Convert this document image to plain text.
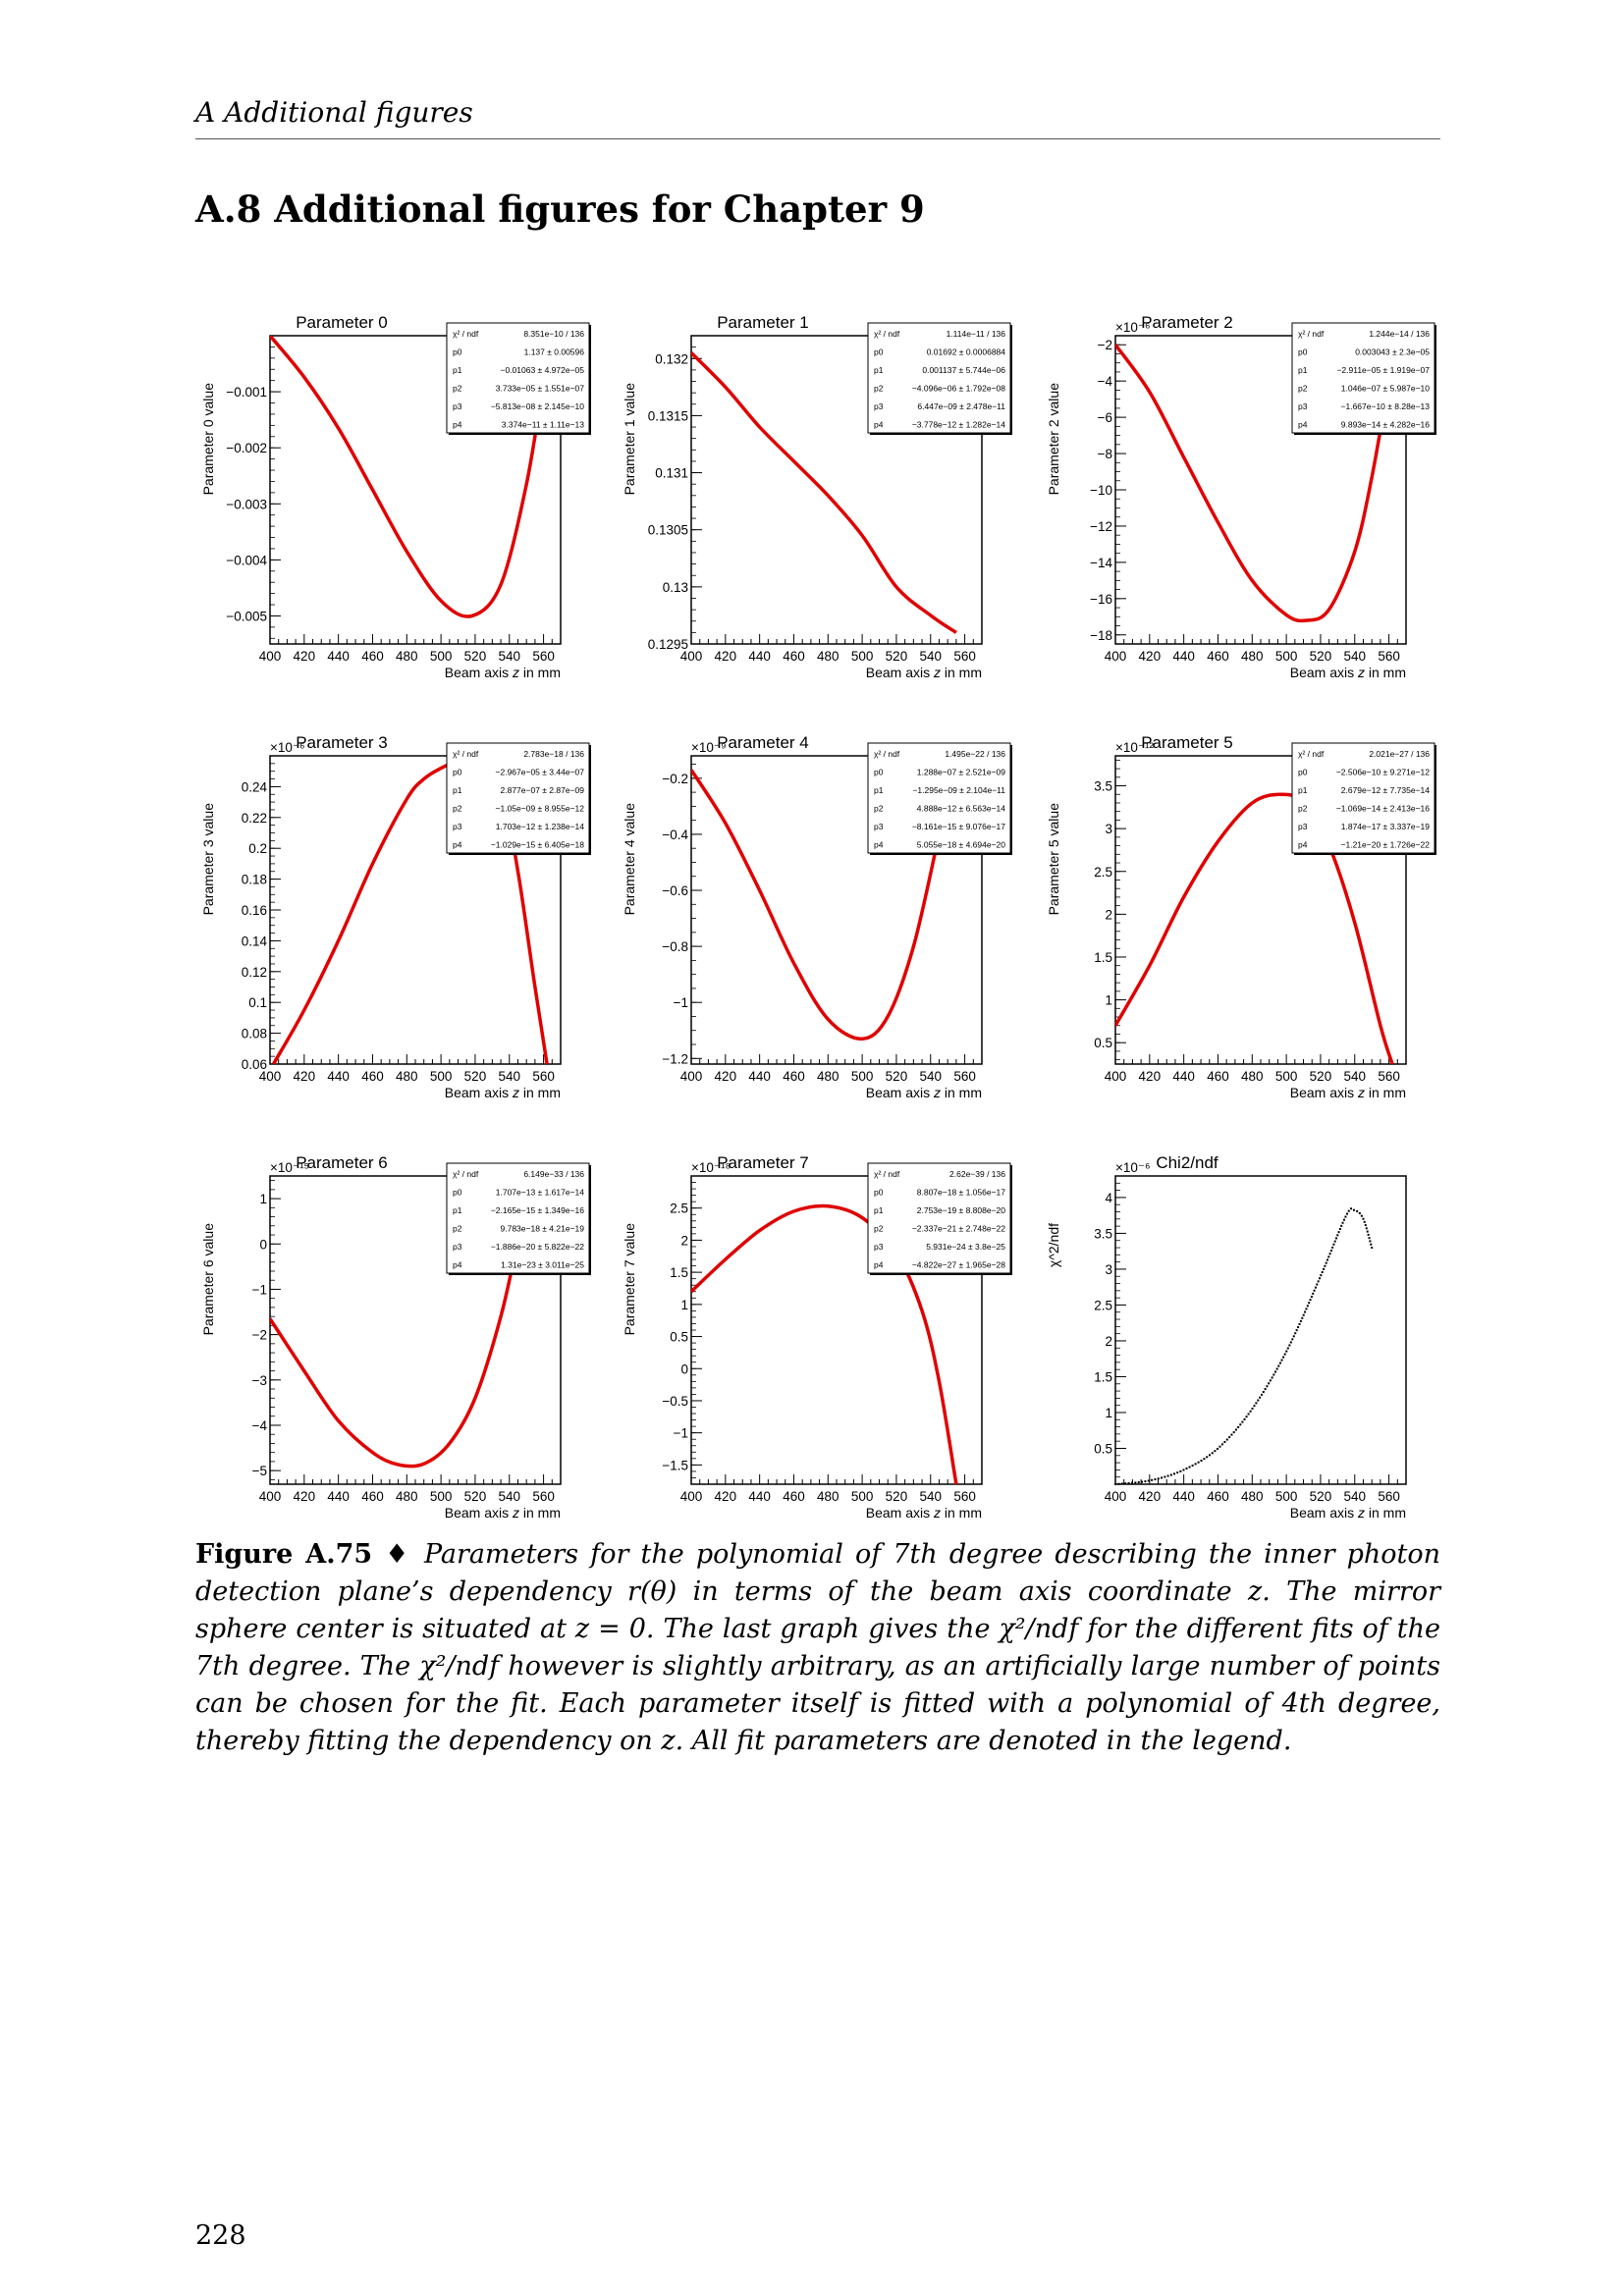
A Additional figures
A.8 Additional figures for Chapter 9
Parameter 0
400 420 440 460 480 500 520 540 560
Beam axis z in mm
−0.005
−0.004
−0.003
−0.002
−0.001
Parameter 0 value
χ² / ndf	8.351e−10 / 136
p0	1.137 ± 0.00596
p1	−0.01063 ± 4.972e−05
p2	3.733e−05 ± 1.551e−07
p3	−5.813e−08 ± 2.145e−10
p4	3.374e−11 ± 1.11e−13
Parameter 1
400 420 440 460 480 500 520 540 560
Beam axis z in mm
0.1295
0.13
0.1305
0.131
0.1315
0.132
Parameter 1 value
χ² / ndf	1.114e−11 / 136
p0	0.01692 ± 0.0006884
p1	0.001137 ± 5.744e−06
p2	−4.096e−06 ± 1.792e−08
p3	6.447e−09 ± 2.478e−11
p4	−3.778e−12 ± 1.282e−14
Parameter 2
400 420 440 460 480 500 520 540 560
Beam axis z in mm
−18
−16
−14
−12
−10
−8
−6
−4
−2
Parameter 2 value
×10⁻⁶	χ² / ndf	1.244e−14 / 136
p0	0.003043 ± 2.3e−05
p1	−2.911e−05 ± 1.919e−07
p2	1.046e−07 ± 5.987e−10
p3	−1.667e−10 ± 8.28e−13
p4	9.893e−14 ± 4.282e−16
Parameter 3
400 420 440 460 480 500 520 540 560
Beam axis z in mm
0.06
0.08
0.1
0.12
0.14
0.16
0.18
0.2
0.22
0.24
Parameter 3 value
×10⁻⁶	χ² / ndf	2.783e−18 / 136
p0	−2.967e−05 ± 3.44e−07
p1	2.877e−07 ± 2.87e−09
p2	−1.05e−09 ± 8.955e−12
p3	1.703e−12 ± 1.238e−14
p4	−1.029e−15 ± 6.405e−18
Parameter 4
400 420 440 460 480 500 520 540 560
Beam axis z in mm
−1.2
−1
−0.8
−0.6
−0.4
−0.2
Parameter 4 value
×10⁻⁹	χ² / ndf	1.495e−22 / 136
p0	1.288e−07 ± 2.521e−09
p1	−1.295e−09 ± 2.104e−11
p2	4.888e−12 ± 6.563e−14
p3	−8.161e−15 ± 9.076e−17
p4	5.055e−18 ± 4.694e−20
Parameter 5
400 420 440 460 480 500 520 540 560
Beam axis z in mm
0.5
1
1.5
2
2.5
3
3.5
Parameter 5 value
×10⁻¹²	χ² / ndf	2.021e−27 / 136
p0	−2.506e−10 ± 9.271e−12
p1	2.679e−12 ± 7.735e−14
p2	−1.069e−14 ± 2.413e−16
p3	1.874e−17 ± 3.337e−19
p4	−1.21e−20 ± 1.726e−22
Parameter 6
400 420 440 460 480 500 520 540 560
Beam axis z in mm
−5
−4
−3
−2
−1
0
1
Parameter 6 value
×10⁻¹⁵	χ² / ndf	6.149e−33 / 136
p0	1.707e−13 ± 1.617e−14
p1	−2.165e−15 ± 1.349e−16
p2	9.783e−18 ± 4.21e−19
p3	−1.886e−20 ± 5.822e−22
p4	1.31e−23 ± 3.011e−25
Parameter 7
400 420 440 460 480 500 520 540 560
Beam axis z in mm
−1.5
−1
−0.5
0
0.5
1
1.5
2
2.5
Parameter 7 value
×10⁻¹⁸	χ² / ndf	2.62e−39 / 136
p0	8.807e−18 ± 1.056e−17
p1	2.753e−19 ± 8.808e−20
p2	−2.337e−21 ± 2.748e−22
p3	5.931e−24 ± 3.8e−25
p4	−4.822e−27 ± 1.965e−28
Chi2/ndf
400 420 440 460 480 500 520 540 560
Beam axis z in mm
0.5
1
1.5
2
2.5
3
3.5
4
χ^2/ndf
×10⁻⁶
Figure A.75 ♦ Parameters for the polynomial of 7th degree describing the inner photon detection plane’s dependency r(θ) in terms of the beam axis coordinate z. The mirror sphere center is situated at z = 0. The last graph gives the χ²/ndf for the different fits of the 7th degree. The χ²/ndf however is slightly arbitrary, as an artificially large number of points can be chosen for the fit. Each parameter itself is fitted with a polynomial of 4th degree, thereby fitting the dependency on z. All fit parameters are denoted in the legend.
228
